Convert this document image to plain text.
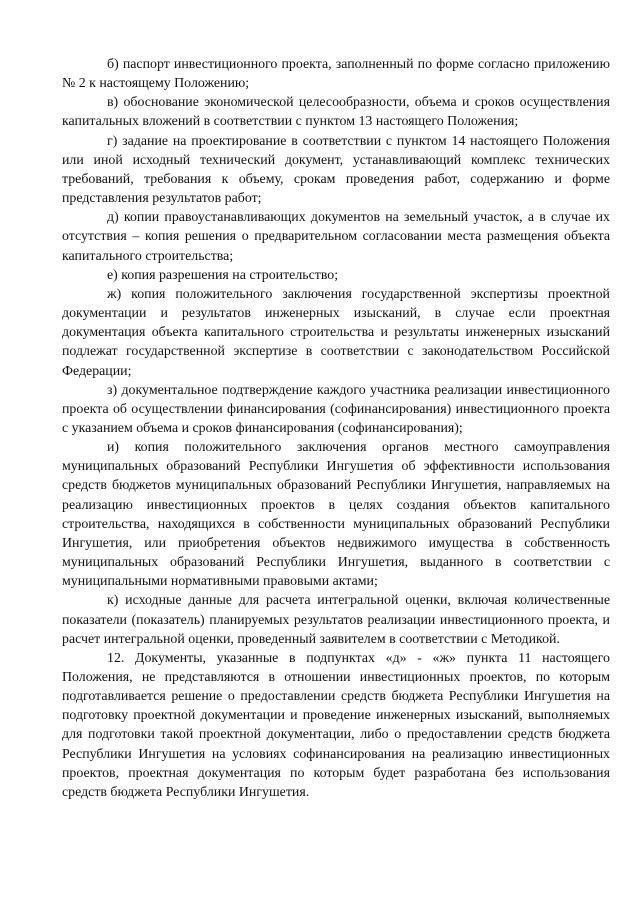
б) паспорт инвестиционного проекта, заполненный по форме согласно приложению № 2 к настоящему Положению;

в) обоснование экономической целесообразности, объема и сроков осуществления капитальных вложений в соответствии с пунктом 13 настоящего Положения;

г) задание на проектирование в соответствии с пунктом 14 настоящего Положения или иной исходный технический документ, устанавливающий комплекс технических требований, требования к объему, срокам проведения работ, содержанию и форме представления результатов работ;

д) копии правоустанавливающих документов на земельный участок, а в случае их отсутствия – копия решения о предварительном согласовании места размещения объекта капитального строительства;

е) копия разрешения на строительство;

ж) копия положительного заключения государственной экспертизы проектной документации и результатов инженерных изысканий, в случае если проектная документация объекта капитального строительства и результаты инженерных изысканий подлежат государственной экспертизе в соответствии с законодательством Российской Федерации;

з) документальное подтверждение каждого участника реализации инвестиционного проекта об осуществлении финансирования (софинансирования) инвестиционного проекта с указанием объема и сроков финансирования (софинансирования);

и) копия положительного заключения органов местного самоуправления муниципальных образований Республики Ингушетия об эффективности использования средств бюджетов муниципальных образований Республики Ингушетия, направляемых на реализацию инвестиционных проектов в целях создания объектов капитального строительства, находящихся в собственности муниципальных образований Республики Ингушетия, или приобретения объектов недвижимого имущества в собственность муниципальных образований Республики Ингушетия, выданного в соответствии с муниципальными нормативными правовыми актами;

к) исходные данные для расчета интегральной оценки, включая количественные показатели (показатель) планируемых результатов реализации инвестиционного проекта, и расчет интегральной оценки, проведенный заявителем в соответствии с Методикой.

12. Документы, указанные в подпунктах «д» - «ж» пункта 11 настоящего Положения, не представляются в отношении инвестиционных проектов, по которым подготавливается решение о предоставлении средств бюджета Республики Ингушетия на подготовку проектной документации и проведение инженерных изысканий, выполняемых для подготовки такой проектной документации, либо о предоставлении средств бюджета Республики Ингушетия на условиях софинансирования на реализацию инвестиционных проектов, проектная документация по которым будет разработана без использования средств бюджета Республики Ингушетия.
